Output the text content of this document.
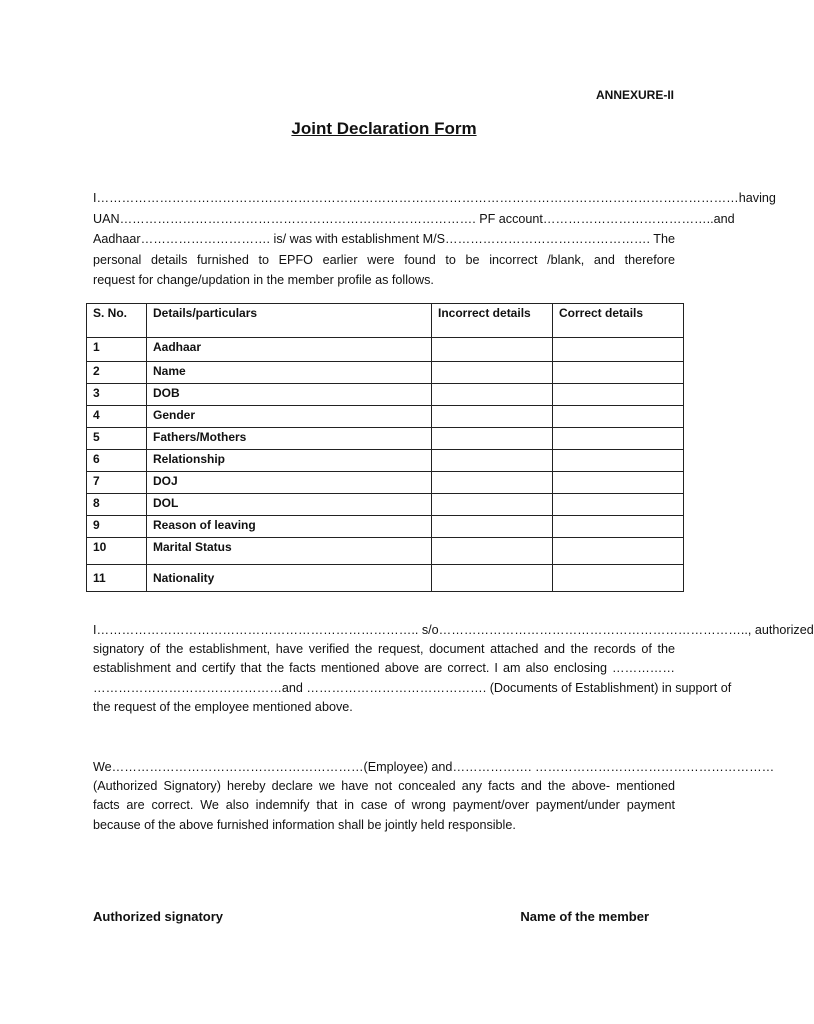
ANNEXURE-II
Joint Declaration Form
I………………………………………………………………………………………………………………………………………having
UAN…………………………………………………………………………. PF account…………………………………..and
Aadhaar…………………………. is/ was with establishment M/S…………………………………………. The
personal details furnished to EPFO earlier were found to be incorrect /blank, and therefore
request for change/updation in the member profile as follows.
S. No.	Details/particulars	Incorrect details	Correct details
1	Aadhaar		
2	Name		
3	DOB		
4	Gender		
5	Fathers/Mothers		
6	Relationship		
7	DOJ		
8	DOL		
9	Reason of leaving		
10	Marital Status		
11	Nationality		
I………………………………………………………………….. s/o……………………………………………………………….., authorized
signatory of the establishment, have verified the request, document attached and the records of the
establishment and certify that the facts mentioned above are correct. I am also enclosing ……………
………………………………………and ……………………………………. (Documents of Establishment) in support of
the request of the employee mentioned above.
We……………………………………………………(Employee) and………………. …………………………………………………
(Authorized Signatory) hereby declare we have not concealed any facts and the above- mentioned
facts are correct. We also indemnify that in case of wrong payment/over payment/under payment
because of the above furnished information shall be jointly held responsible.
Authorized signatory	Name of the member
